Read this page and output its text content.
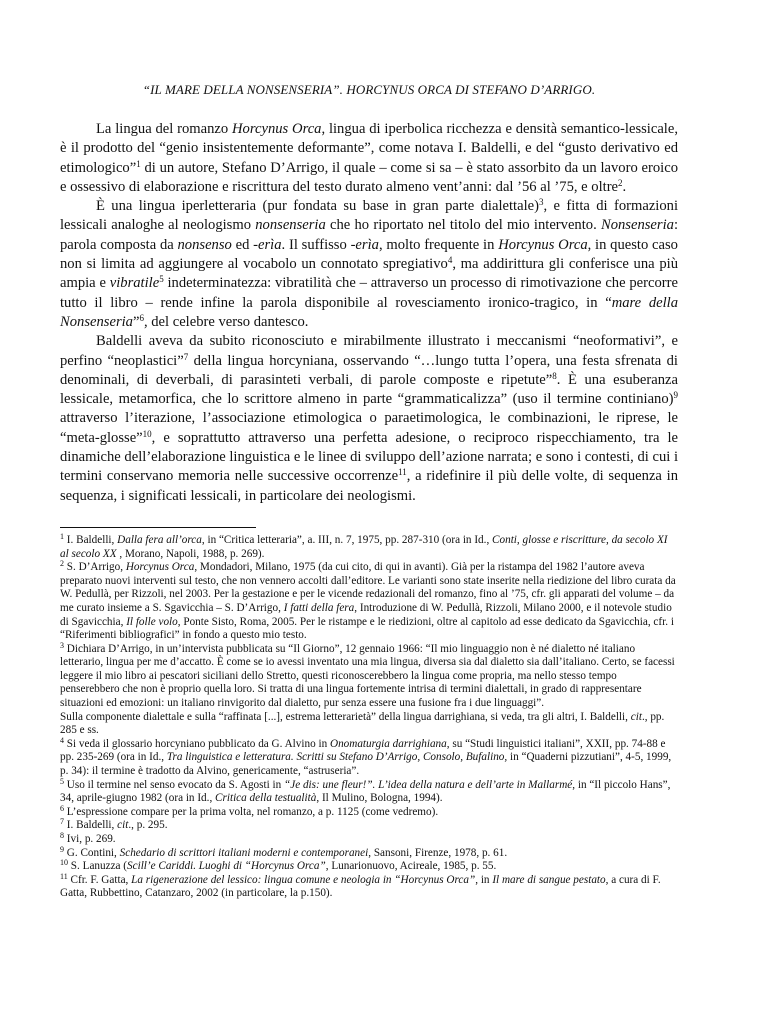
“IL MARE DELLA NONSENSERIA”. HORCYNUS ORCA DI STEFANO D’ARRIGO.

La lingua del romanzo Horcynus Orca, lingua di iperbolica ricchezza e densità semantico-lessicale, è il prodotto del “genio insistentemente deformante”, come notava I. Baldelli, e del “gusto derivativo ed etimologico”$^1$ di un autore, Stefano D’Arrigo, il quale – come si sa – è stato assorbito da un lavoro eroico e ossessivo di elaborazione e riscrittura del testo durato almeno vent’anni: dal ’56 al ’75, e oltre$^2$.

È una lingua iperletteraria (pur fondata su base in gran parte dialettale)$^3$, e fitta di formazioni lessicali analoghe al neologismo nonsenseria che ho riportato nel titolo del mio intervento. Nonsenseria: parola composta da nonsenso ed -erìa. Il suffisso -erìa, molto frequente in Horcynus Orca, in questo caso non si limita ad aggiungere al vocabolo un connotato spregiativo$^4$, ma addirittura gli conferisce una più ampia e vibratile$^5$ indeterminatezza: vibratilità che – attraverso un processo di rimotivazione che percorre tutto il libro – rende infine la parola disponibile al rovesciamento ironico-tragico, in “mare della Nonsenseria”$^6$, del celebre verso dantesco.

Baldelli aveva da subito riconosciuto e mirabilmente illustrato i meccanismi “neoformativi”, e perfino “neoplastici”$^7$ della lingua horcyniana, osservando “…lungo tutta l’opera, una festa sfrenata di denominali, di deverbali, di parasinteti verbali, di parole composte e ripetute”$^8$. È una esuberanza lessicale, metamorfica, che lo scrittore almeno in parte “grammaticalizza” (uso il termine continiano)$^9$ attraverso l’iterazione, l’associazione etimologica o paraetimologica, le combinazioni, le riprese, le “meta-glosse”$^{10}$, e soprattutto attraverso una perfetta adesione, o reciproco rispecchiamento, tra le dinamiche dell’elaborazione linguistica e le linee di sviluppo dell’azione narrata; e sono i contesti, di cui i termini conservano memoria nelle successive occorrenze$^{11}$, a ridefinire il più delle volte, di sequenza in sequenza, i significati lessicali, in particolare dei neologismi.

$^1$ I. Baldelli, Dalla fera all’orca, in “Critica letteraria”, a. III, n. 7, 1975, pp. 287-310 (ora in Id., Conti, glosse e riscritture, da secolo XI al secolo XX , Morano, Napoli, 1988, p. 269).

$^2$ S. D’Arrigo, Horcynus Orca, Mondadori, Milano, 1975 (da cui cito, di qui in avanti). Già per la ristampa del 1982 l’autore aveva preparato nuovi interventi sul testo, che non vennero accolti dall’editore. Le varianti sono state inserite nella riedizione del libro curata da W. Pedullà, per Rizzoli, nel 2003. Per la gestazione e per le vicende redazionali del romanzo, fino al ’75, cfr. gli apparati del volume – da me curato insieme a S. Sgavicchia – S. D’Arrigo, I fatti della fera, Introduzione di W. Pedullà, Rizzoli, Milano 2000, e il notevole studio di Sgavicchia, Il folle volo, Ponte Sisto, Roma, 2005. Per le ristampe e le riedizioni, oltre al capitolo ad esse dedicato da Sgavicchia, cfr. i “Riferimenti bibliografici” in fondo a questo mio testo.

$^3$ Dichiara D’Arrigo, in un’intervista pubblicata su “Il Giorno”, 12 gennaio 1966: “Il mio linguaggio non è né dialetto né italiano letterario, lingua per me d’accatto. È come se io avessi inventato una mia lingua, diversa sia dal dialetto sia dall’italiano. Certo, se facessi leggere il mio libro ai pescatori siciliani dello Stretto, questi riconoscerebbero la lingua come propria, ma nello stesso tempo penserebbero che non è proprio quella loro. Si tratta di una lingua fortemente intrisa di termini dialettali, in grado di rappresentare situazioni ed emozioni: un italiano rinvigorito dal dialetto, pur senza essere una fusione fra i due linguaggi”.

Sulla componente dialettale e sulla “raffinata [...], estrema letterarietà” della lingua darrighiana, si veda, tra gli altri, I. Baldelli, cit., pp. 285 e ss.

$^4$ Si veda il glossario horcyniano pubblicato da G. Alvino in Onomaturgia darrighiana, su “Studi linguistici italiani”, XXII, pp. 74-88 e pp. 235-269 (ora in Id., Tra linguistica e letteratura. Scritti su Stefano D’Arrigo, Consolo, Bufalino, in “Quaderni pizzutiani”, 4-5, 1999, p. 34): il termine è tradotto da Alvino, genericamente, “astruseria”.

$^5$ Uso il termine nel senso evocato da S. Agosti in “Je dis: une fleur!”. L’idea della natura e dell’arte in Mallarmé, in “Il piccolo Hans”, 34, aprile-giugno 1982 (ora in Id., Critica della testualità, Il Mulino, Bologna, 1994).

$^6$ L’espressione compare per la prima volta, nel romanzo, a p. 1125 (come vedremo).

$^7$ I. Baldelli, cit., p. 295.

$^8$ Ivi, p. 269.

$^9$ G. Contini, Schedario di scrittori italiani moderni e contemporanei, Sansoni, Firenze, 1978, p. 61.

$^{10}$ S. Lanuzza (Scill’e Cariddi. Luoghi di “Horcynus Orca”, Lunarionuovo, Acireale, 1985, p. 55.

$^{11}$ Cfr. F. Gatta, La rigenerazione del lessico: lingua comune e neologia in “Horcynus Orca”, in Il mare di sangue pestato, a cura di F. Gatta, Rubbettino, Catanzaro, 2002 (in particolare, la p.150).
